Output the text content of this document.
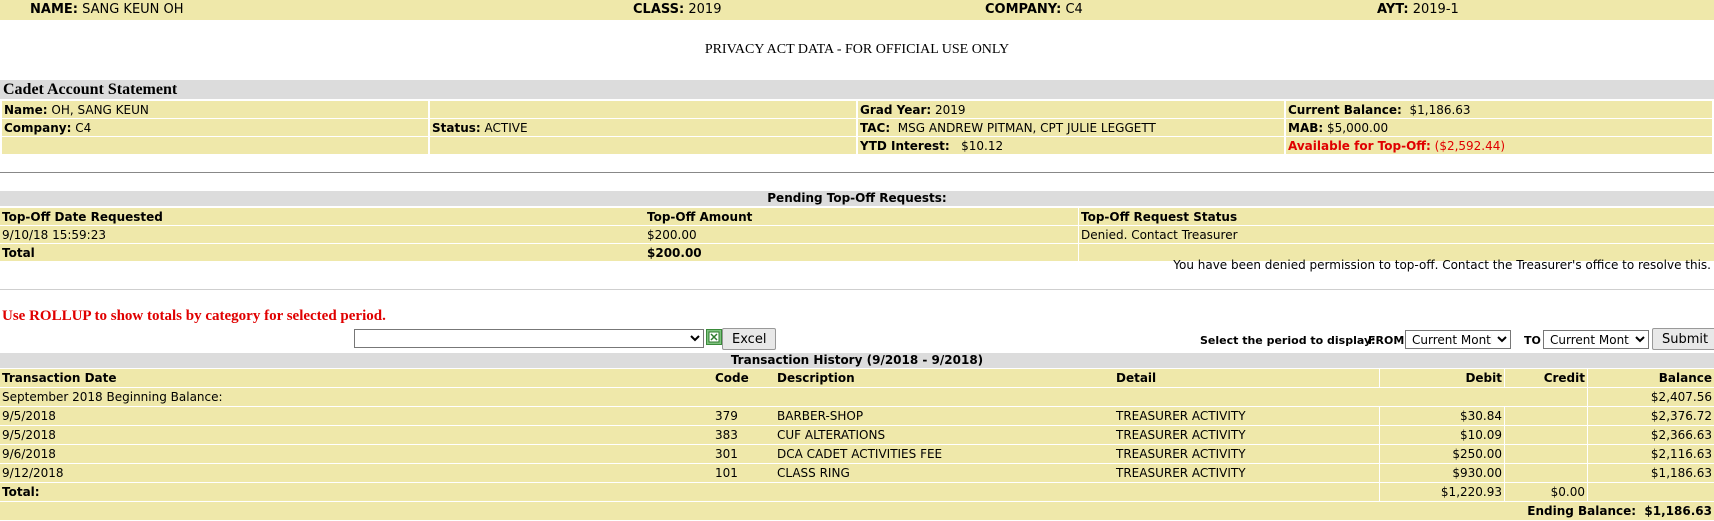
NAME: SANG KEUN OH	CLASS: 2019	COMPANY: C4	AYT: 2019-1
PRIVACY ACT DATA - FOR OFFICIAL USE ONLY
Cadet Account Statement
Name: OH, SANG KEUN		Grad Year: 2019	Current Balance: $1,186.63
Company: C4	Status: ACTIVE	TAC: MSG ANDREW PITMAN, CPT JULIE LEGGETT	MAB: $5,000.00
		YTD Interest: $10.12	Available for Top-Off: ($2,592.44)
Pending Top-Off Requests:
Top-Off Date Requested	Top-Off Amount	Top-Off Request Status
9/10/18 15:59:23	$200.00	Denied. Contact Treasurer
Total	$200.00	
You have been denied permission to top-off. Contact the Treasurer's office to resolve this.
Use ROLLUP to show totals by category for selected period.
Excel	Select the period to display:
FROM
Current Month	TO
Current Month	Submit
Transaction History (9/2018 - 9/2018)
Transaction Date	Code	Description	Detail	Debit	Credit	Balance
September 2018 Beginning Balance:						$2,407.56
9/5/2018	379	BARBER-SHOP	TREASURER ACTIVITY	$30.84		$2,376.72
9/5/2018	383	CUF ALTERATIONS	TREASURER ACTIVITY	$10.09		$2,366.63
9/6/2018	301	DCA CADET ACTIVITIES FEE	TREASURER ACTIVITY	$250.00		$2,116.63
9/12/2018	101	CLASS RING	TREASURER ACTIVITY	$930.00		$1,186.63
Total:				$1,220.93	$0.00	
Ending Balance: $1,186.63						
